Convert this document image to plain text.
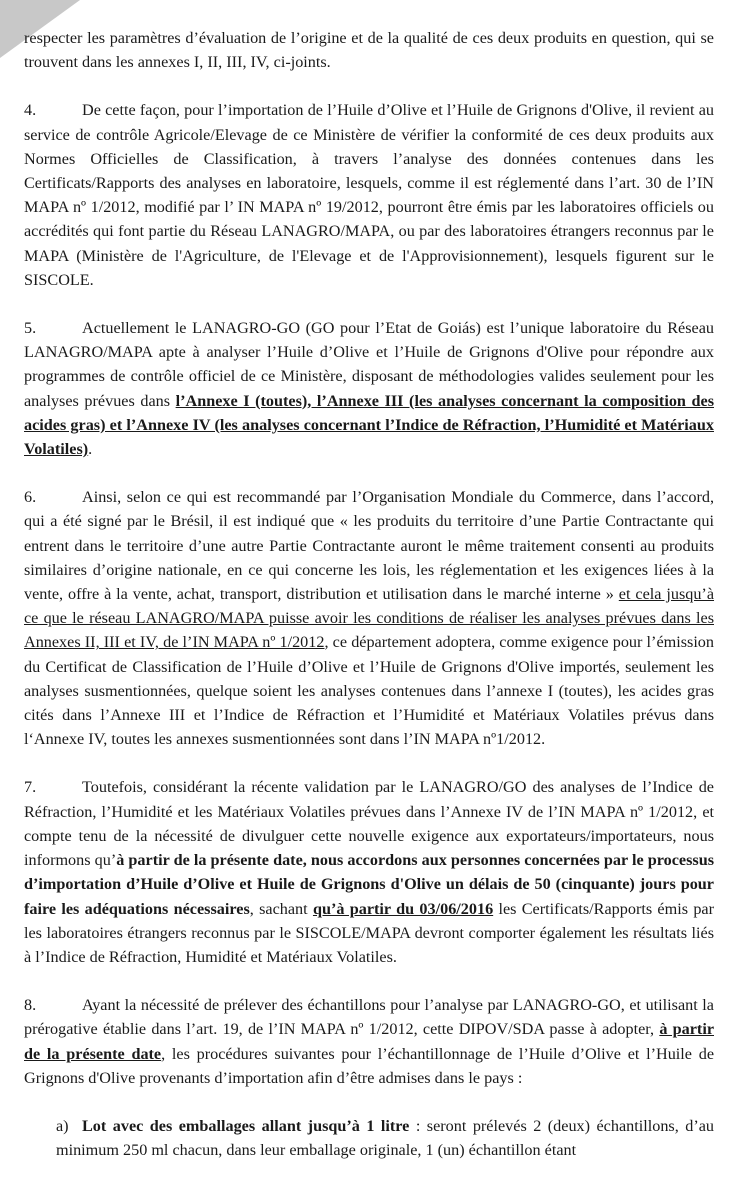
respecter les paramètres d’évaluation de l’origine et de la qualité de ces deux produits en question, qui se trouvent dans les annexes I, II, III, IV, ci-joints.

4.	De cette façon, pour l’importation de l’Huile d’Olive et l’Huile de Grignons d'Olive, il revient au service de contrôle Agricole/Elevage de ce Ministère de vérifier la conformité de ces deux produits aux Normes Officielles de Classification, à travers l’analyse des données contenues dans les Certificats/Rapports des analyses en laboratoire, lesquels, comme il est réglementé dans l’art. 30 de l’IN MAPA nº 1/2012, modifié par l’ IN MAPA nº 19/2012, pourront être émis par les laboratoires officiels ou accrédités qui font partie du Réseau LANAGRO/MAPA, ou par des laboratoires étrangers reconnus par le MAPA (Ministère de l'Agriculture, de l'Elevage et de l'Approvisionnement), lesquels figurent sur le SISCOLE.

5.	Actuellement le LANAGRO-GO (GO pour l’Etat de Goiás) est l’unique laboratoire du Réseau LANAGRO/MAPA apte à analyser l’Huile d’Olive et l’Huile de Grignons d'Olive pour répondre aux programmes de contrôle officiel de ce Ministère, disposant de méthodologies valides seulement pour les analyses prévues dans l’Annexe I (toutes), l’Annexe III (les analyses concernant la composition des acides gras) et l’Annexe IV (les analyses concernant l’Indice de Réfraction, l’Humidité et Matériaux Volatiles).

6.	Ainsi, selon ce qui est recommandé par l’Organisation Mondiale du Commerce, dans l’accord, qui a été signé par le Brésil, il est indiqué que « les produits du territoire d’une Partie Contractante qui entrent dans le territoire d’une autre Partie Contractante auront le même traitement consenti au produits similaires d’origine nationale, en ce qui concerne les lois, les réglementation et les exigences liées à la vente, offre à la vente, achat, transport, distribution et utilisation dans le marché interne » et cela jusqu’à ce que le réseau LANAGRO/MAPA puisse avoir les conditions de réaliser les analyses prévues dans les Annexes II, III et IV, de l’IN MAPA nº 1/2012, ce département adoptera, comme exigence pour l’émission du Certificat de Classification de l’Huile d’Olive et l’Huile de Grignons d'Olive importés, seulement les analyses susmentionnées, quelque soient les analyses contenues dans l’annexe I (toutes), les acides gras cités dans l’Annexe III et l’Indice de Réfraction et l’Humidité et Matériaux Volatiles prévus dans l‘Annexe IV, toutes les annexes susmentionnées sont dans l’IN MAPA nº1/2012.

7.	Toutefois, considérant la récente validation par le LANAGRO/GO des analyses de l’Indice de Réfraction, l’Humidité et les Matériaux Volatiles prévues dans l’Annexe IV de l’IN MAPA nº 1/2012, et compte tenu de la nécessité de divulguer cette nouvelle exigence aux exportateurs/importateurs, nous informons qu’à partir de la présente date, nous accordons aux personnes concernées par le processus d’importation d’Huile d’Olive et Huile de Grignons d'Olive un délais de 50 (cinquante) jours pour faire les adéquations nécessaires, sachant qu’à partir du 03/06/2016 les Certificats/Rapports émis par les laboratoires étrangers reconnus par le SISCOLE/MAPA devront comporter également les résultats liés à l’Indice de Réfraction, Humidité et Matériaux Volatiles.

8.	Ayant la nécessité de prélever des échantillons pour l’analyse par LANAGRO-GO, et utilisant la prérogative établie dans l’art. 19, de l’IN MAPA nº 1/2012, cette DIPOV/SDA passe à adopter, à partir de la présente date, les procédures suivantes pour l’échantillonnage de l’Huile d’Olive et l’Huile de Grignons d'Olive provenants d’importation afin d’être admises dans le pays :

a) Lot avec des emballages allant jusqu’à 1 litre : seront prélevés 2 (deux) échantillons, d’au minimum 250 ml chacun, dans leur emballage originale, 1 (un) échantillon étant
